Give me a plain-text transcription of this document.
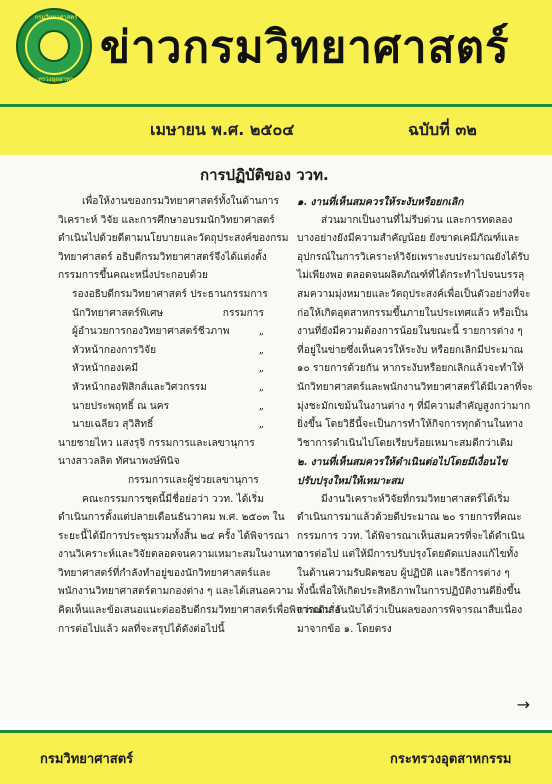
กรมวิทยาศาสตร์
กระทรวงอุตสาหกรรม
ข่าวกรมวิทยาศาสตร์
เมษายน พ.ศ. ๒๕๐๔	ฉบับที่ ๓๒
การปฏิบัติของ ววท.
เพื่อให้งานของกรมวิทยาศาสตร์ทั้งในด้านการ
วิเคราะห์ วิจัย และการศึกษาอบรมนักวิทยาศาสตร์
ดำเนินไปด้วยดีตามนโยบายและวัตถุประสงค์ของกรม
วิทยาศาสตร์ อธิบดีกรมวิทยาศาสตร์จึงได้แต่งตั้ง
กรรมการขึ้นคณะหนึ่งประกอบด้วย
รองอธิบดีกรมวิทยาศาสตร์ ประธานกรรมการ
นักวิทยาศาสตร์พิเศษ	กรรมการ
ผู้อำนวยการกองวิทยาศาสตร์ชีวภาพ	„
หัวหน้ากองการวิจัย	„
หัวหน้ากองเคมี	„
หัวหน้ากองฟิสิกส์และวิศวกรรม	„
นายประพฤทธิ์ ณ นคร	„
นายเฉลียว สุวิสิทธิ์	„
นายชายไหว แสงรุจิ กรรมการและเลขานุการ
นางสาวลลิต ทัศนาพงษ์พินิจ
กรรมการและผู้ช่วยเลขานุการ
คณะกรรมการชุดนี้มีชื่อย่อว่า ววท. ได้เริ่ม
ดำเนินการตั้งแต่ปลายเดือนธันวาคม พ.ศ. ๒๕๐๓ ใน
ระยะนี้ได้มีการประชุมรวมทั้งสิ้น ๒๔ ครั้ง ได้พิจารณา
งานวิเคราะห์และวิจัยตลอดจนความเหมาะสมในงานทาง
วิทยาศาสตร์ที่กำลังทำอยู่ของนักวิทยาศาสตร์และ
พนักงานวิทยาศาสตร์ตามกองต่าง ๆ และได้เสนอความ
คิดเห็นและข้อเสนอแนะต่ออธิบดีกรมวิทยาศาสตร์เพื่อพิจารณาสั่ง
การต่อไปแล้ว ผลที่จะสรุปได้ดังต่อไปนี้
๑. งานที่เห็นสมควรให้ระงับหรือยกเลิก
ส่วนมากเป็นงานที่ไม่รีบด่วน และการทดลอง
บางอย่างยังมีความสำคัญน้อย ยังขาดเคมีภัณฑ์และ
อุปกรณ์ในการวิเคราะห์วิจัยเพราะงบประมาณยังได้รับ
ไม่เพียงพอ ตลอดจนผลิตภัณฑ์ที่ได้กระทำไปจนบรรลุ
สมความมุ่งหมายและวัตถุประสงค์เพื่อเป็นตัวอย่างที่จะ
ก่อให้เกิดอุตสาหกรรมขึ้นภายในประเทศแล้ว หรือเป็น
งานที่ยังมีความต้องการน้อยในขณะนี้ รายการต่าง ๆ
ที่อยู่ในข่ายซึ่งเห็นควรให้ระงับ หรือยกเลิกมีประมาณ
๑๐ รายการด้วยกัน หากระงับหรือยกเลิกแล้วจะทำให้
นักวิทยาศาสตร์และพนักงานวิทยาศาสตร์ได้มีเวลาที่จะ
มุ่งชะมักเขม้นในงานต่าง ๆ ที่มีความสำคัญสูงกว่ามาก
ยิ่งขึ้น โดยวิธีนี้จะเป็นการทำให้กิจการทุกด้านในทาง
วิชาการดำเนินไปโดยเรียบร้อยเหมาะสมดีกว่าเดิม
๒. งานที่เห็นสมควรให้ดำเนินต่อไปโดยมีเงื่อนไข
ปรับปรุงใหม่ให้เหมาะสม
มีงานวิเคราะห์วิจัยที่กรมวิทยาศาสตร์ได้เริ่ม
ดำเนินการมาแล้วด้วยดีประมาณ ๒๐ รายการที่คณะ
กรรมการ ววท. ได้พิจารณาเห็นสมควรที่จะได้ดำเนิน
การต่อไป แต่ให้มีการปรับปรุงโดยดัดแปลงแก้ไขทั้ง
ในด้านความรับผิดชอบ ผู้ปฏิบัติ และวิธีการต่าง ๆ
ทั้งนี้เพื่อให้เกิดประสิทธิภาพในการปฏิบัติงานดียิ่งขึ้น
กว่าเดิม อันนับได้ว่าเป็นผลของการพิจารณาสืบเนื่อง
มาจากข้อ ๑. โดยตรง
→
กรมวิทยาศาสตร์	กระทรวงอุตสาหกรรม
